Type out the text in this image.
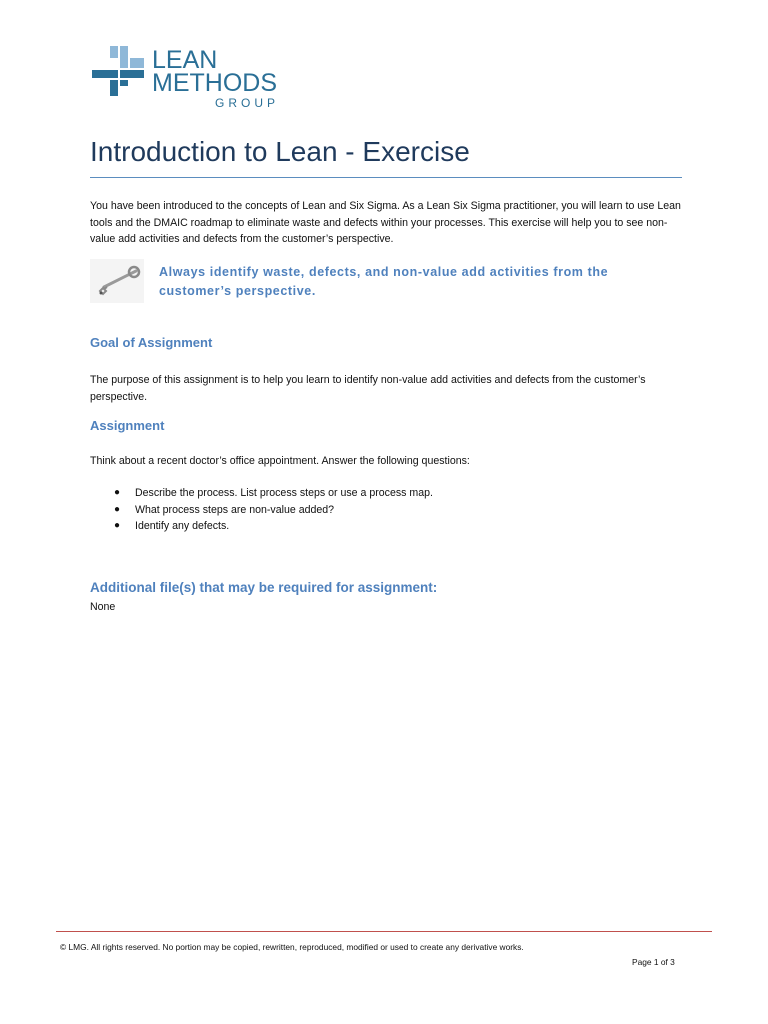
LEAN
METHODS
GROUP
Introduction to Lean - Exercise

You have been introduced to the concepts of Lean and Six Sigma. As a Lean Six Sigma practitioner, you will learn to use Lean tools and the DMAIC roadmap to eliminate waste and defects within your processes. This exercise will help you to see non-value add activities and defects from the customer’s perspective.

Always identify waste, defects, and non-value add activities from the customer’s perspective.

Goal of Assignment

The purpose of this assignment is to help you learn to identify non-value add activities and defects from the customer’s perspective.

Assignment

Think about a recent doctor’s office appointment. Answer the following questions:

● Describe the process. List process steps or use a process map.
● What process steps are non-value added?
● Identify any defects.
Additional file(s) that may be required for assignment:

None

© LMG. All rights reserved. No portion may be copied, rewritten, reproduced, modified or used to create any derivative works.

Page 1 of 3
